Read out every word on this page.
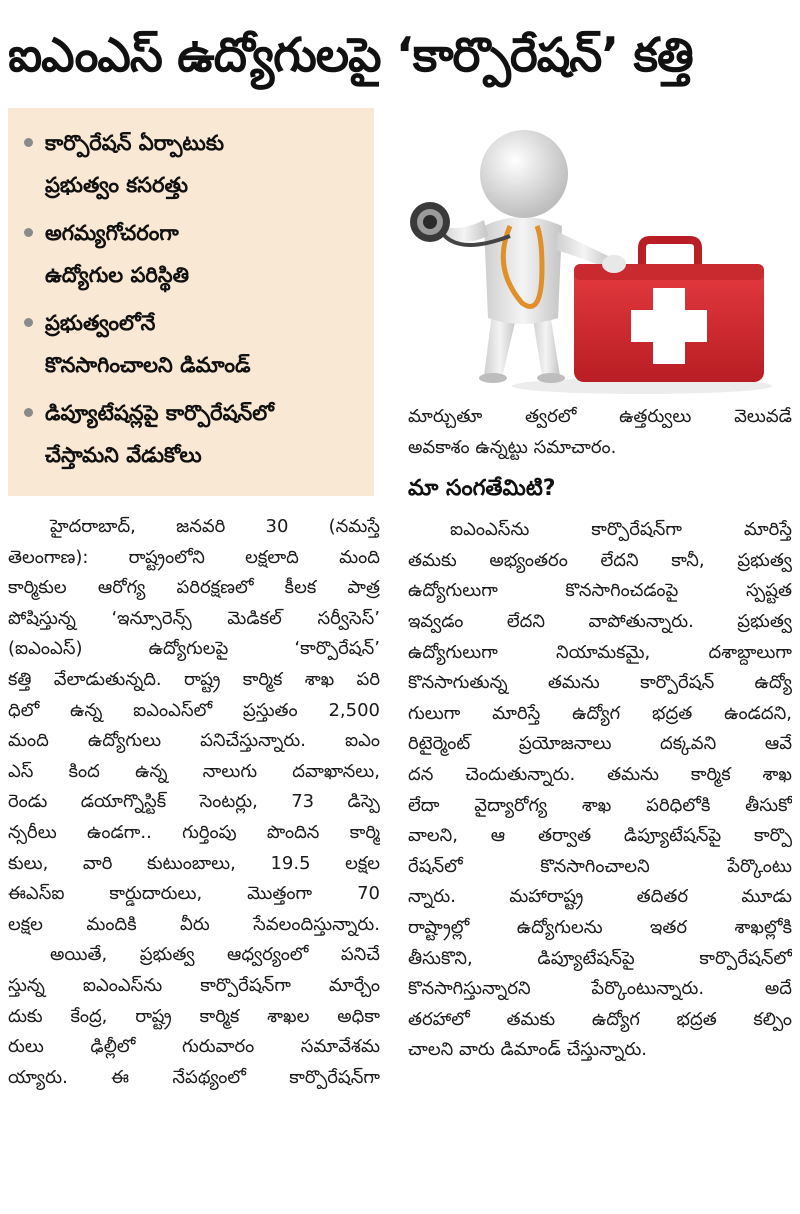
ఐఎంఎస్ ఉద్యోగులపై ‘కార్పొరేషన్’ కత్తి
కార్పొరేషన్ ఏర్పాటుకు
ప్రభుత్వం కసరత్తు
అగమ్యగోచరంగా
ఉద్యోగుల పరిస్థితి
ప్రభుత్వంలోనే
కొనసాగించాలని డిమాండ్
డిప్యూటేషన్లపై కార్పొరేషన్‌లో
చేస్తామని వేడుకోలు
హైదరాబాద్, జనవరి 30 (నమస్తే
తెలంగాణ): రాష్ట్రంలోని లక్షలాది మంది
కార్మికుల ఆరోగ్య పరిరక్షణలో కీలక పాత్ర
పోషిస్తున్న ‘ఇన్సూరెన్స్ మెడికల్ సర్వీసెస్’
(ఐఎంఎస్) ఉద్యోగులపై ‘కార్పొరేషన్’
కత్తి వేలాడుతున్నది. రాష్ట్ర కార్మిక శాఖ పరి
ధిలో ఉన్న ఐఎంఎస్‌లో ప్రస్తుతం 2,500
మంది ఉద్యోగులు పనిచేస్తున్నారు. ఐఎం
ఎస్ కింద ఉన్న నాలుగు దవాఖానలు,
రెండు డయాగ్నొస్టిక్ సెంటర్లు, 73 డిస్పె
న్సరీలు ఉండగా.. గుర్తింపు పొందిన కార్మి
కులు, వారి కుటుంబాలు, 19.5 లక్షల
ఈఎస్‌ఐ కార్డుదారులు, మొత్తంగా 70
లక్షల మందికి వీరు సేవలందిస్తున్నారు.
అయితే, ప్రభుత్వ ఆధ్వర్యంలో పనిచే
స్తున్న ఐఎంఎస్‌ను కార్పొరేషన్‌గా మార్చేం
దుకు కేంద్ర, రాష్ట్ర కార్మిక శాఖల అధికా
రులు ఢిల్లీలో గురువారం సమావేశమ
య్యారు. ఈ నేపథ్యంలో కార్పొరేషన్‌గా
మార్చుతూ త్వరలో ఉత్తర్వులు వెలువడే
అవకాశం ఉన్నట్టు సమాచారం.
మా సంగతేమిటి?
ఐఎంఎస్‌ను కార్పొరేషన్‌గా మారిస్తే
తమకు అభ్యంతరం లేదని కానీ, ప్రభుత్వ
ఉద్యోగులుగా కొనసాగించడంపై స్పష్టత
ఇవ్వడం లేదని వాపోతున్నారు. ప్రభుత్వ
ఉద్యోగులుగా నియామకమై, దశాబ్దాలుగా
కొనసాగుతున్న తమను కార్పొరేషన్ ఉద్యో
గులుగా మారిస్తే ఉద్యోగ భద్రత ఉండదని,
రిటైర్మెంట్ ప్రయోజనాలు దక్కవని ఆవే
దన చెందుతున్నారు. తమను కార్మిక శాఖ
లేదా వైద్యారోగ్య శాఖ పరిధిలోకి తీసుకో
వాలని, ఆ తర్వాత డిప్యూటేషన్‌పై కార్పొ
రేషన్‌లో కొనసాగించాలని పేర్కొంటు
న్నారు. మహారాష్ట్ర తదితర మూడు
రాష్ట్రాల్లో ఉద్యోగులను ఇతర శాఖల్లోకి
తీసుకొని, డిప్యూటేషన్‌పై కార్పొరేషన్‌లో
కొనసాగిస్తున్నారని పేర్కొంటున్నారు. అదే
తరహాలో తమకు ఉద్యోగ భద్రత కల్పిం
చాలని వారు డిమాండ్ చేస్తున్నారు.
